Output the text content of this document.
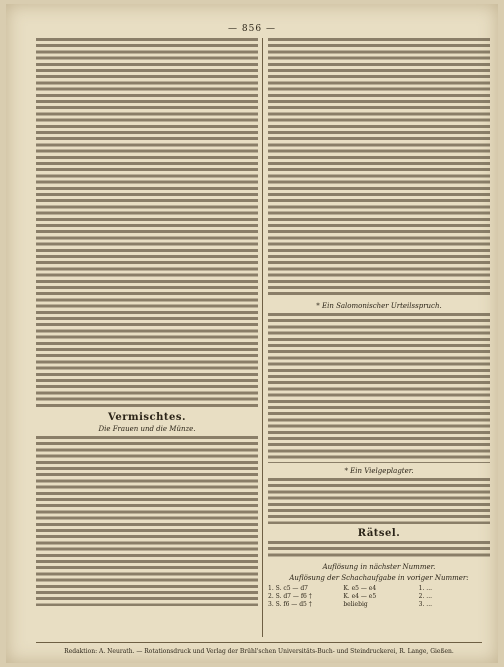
— 856 —
Vermischtes.
Die Frauen und die Münze.
* Ein Salomonischer Urteilsspruch.
* Ein Vielgeplagter.
Rätsel.
Auflösung in nächster Nummer.
Auflösung der Schachaufgabe in voriger Nummer:
1. S. c5 — d7	K. e5 — e4	1. ...
2. S. d7 — f6 †	K. e4 — e5	2. ...
3. S. f6 — d5 †	beliebig	3. ...
Redaktion: A. Neurath. — Rotationsdruck und Verlag der Brühl'schen Universitäts-Buch- und Steindruckerei, R. Lange, Gießen.
